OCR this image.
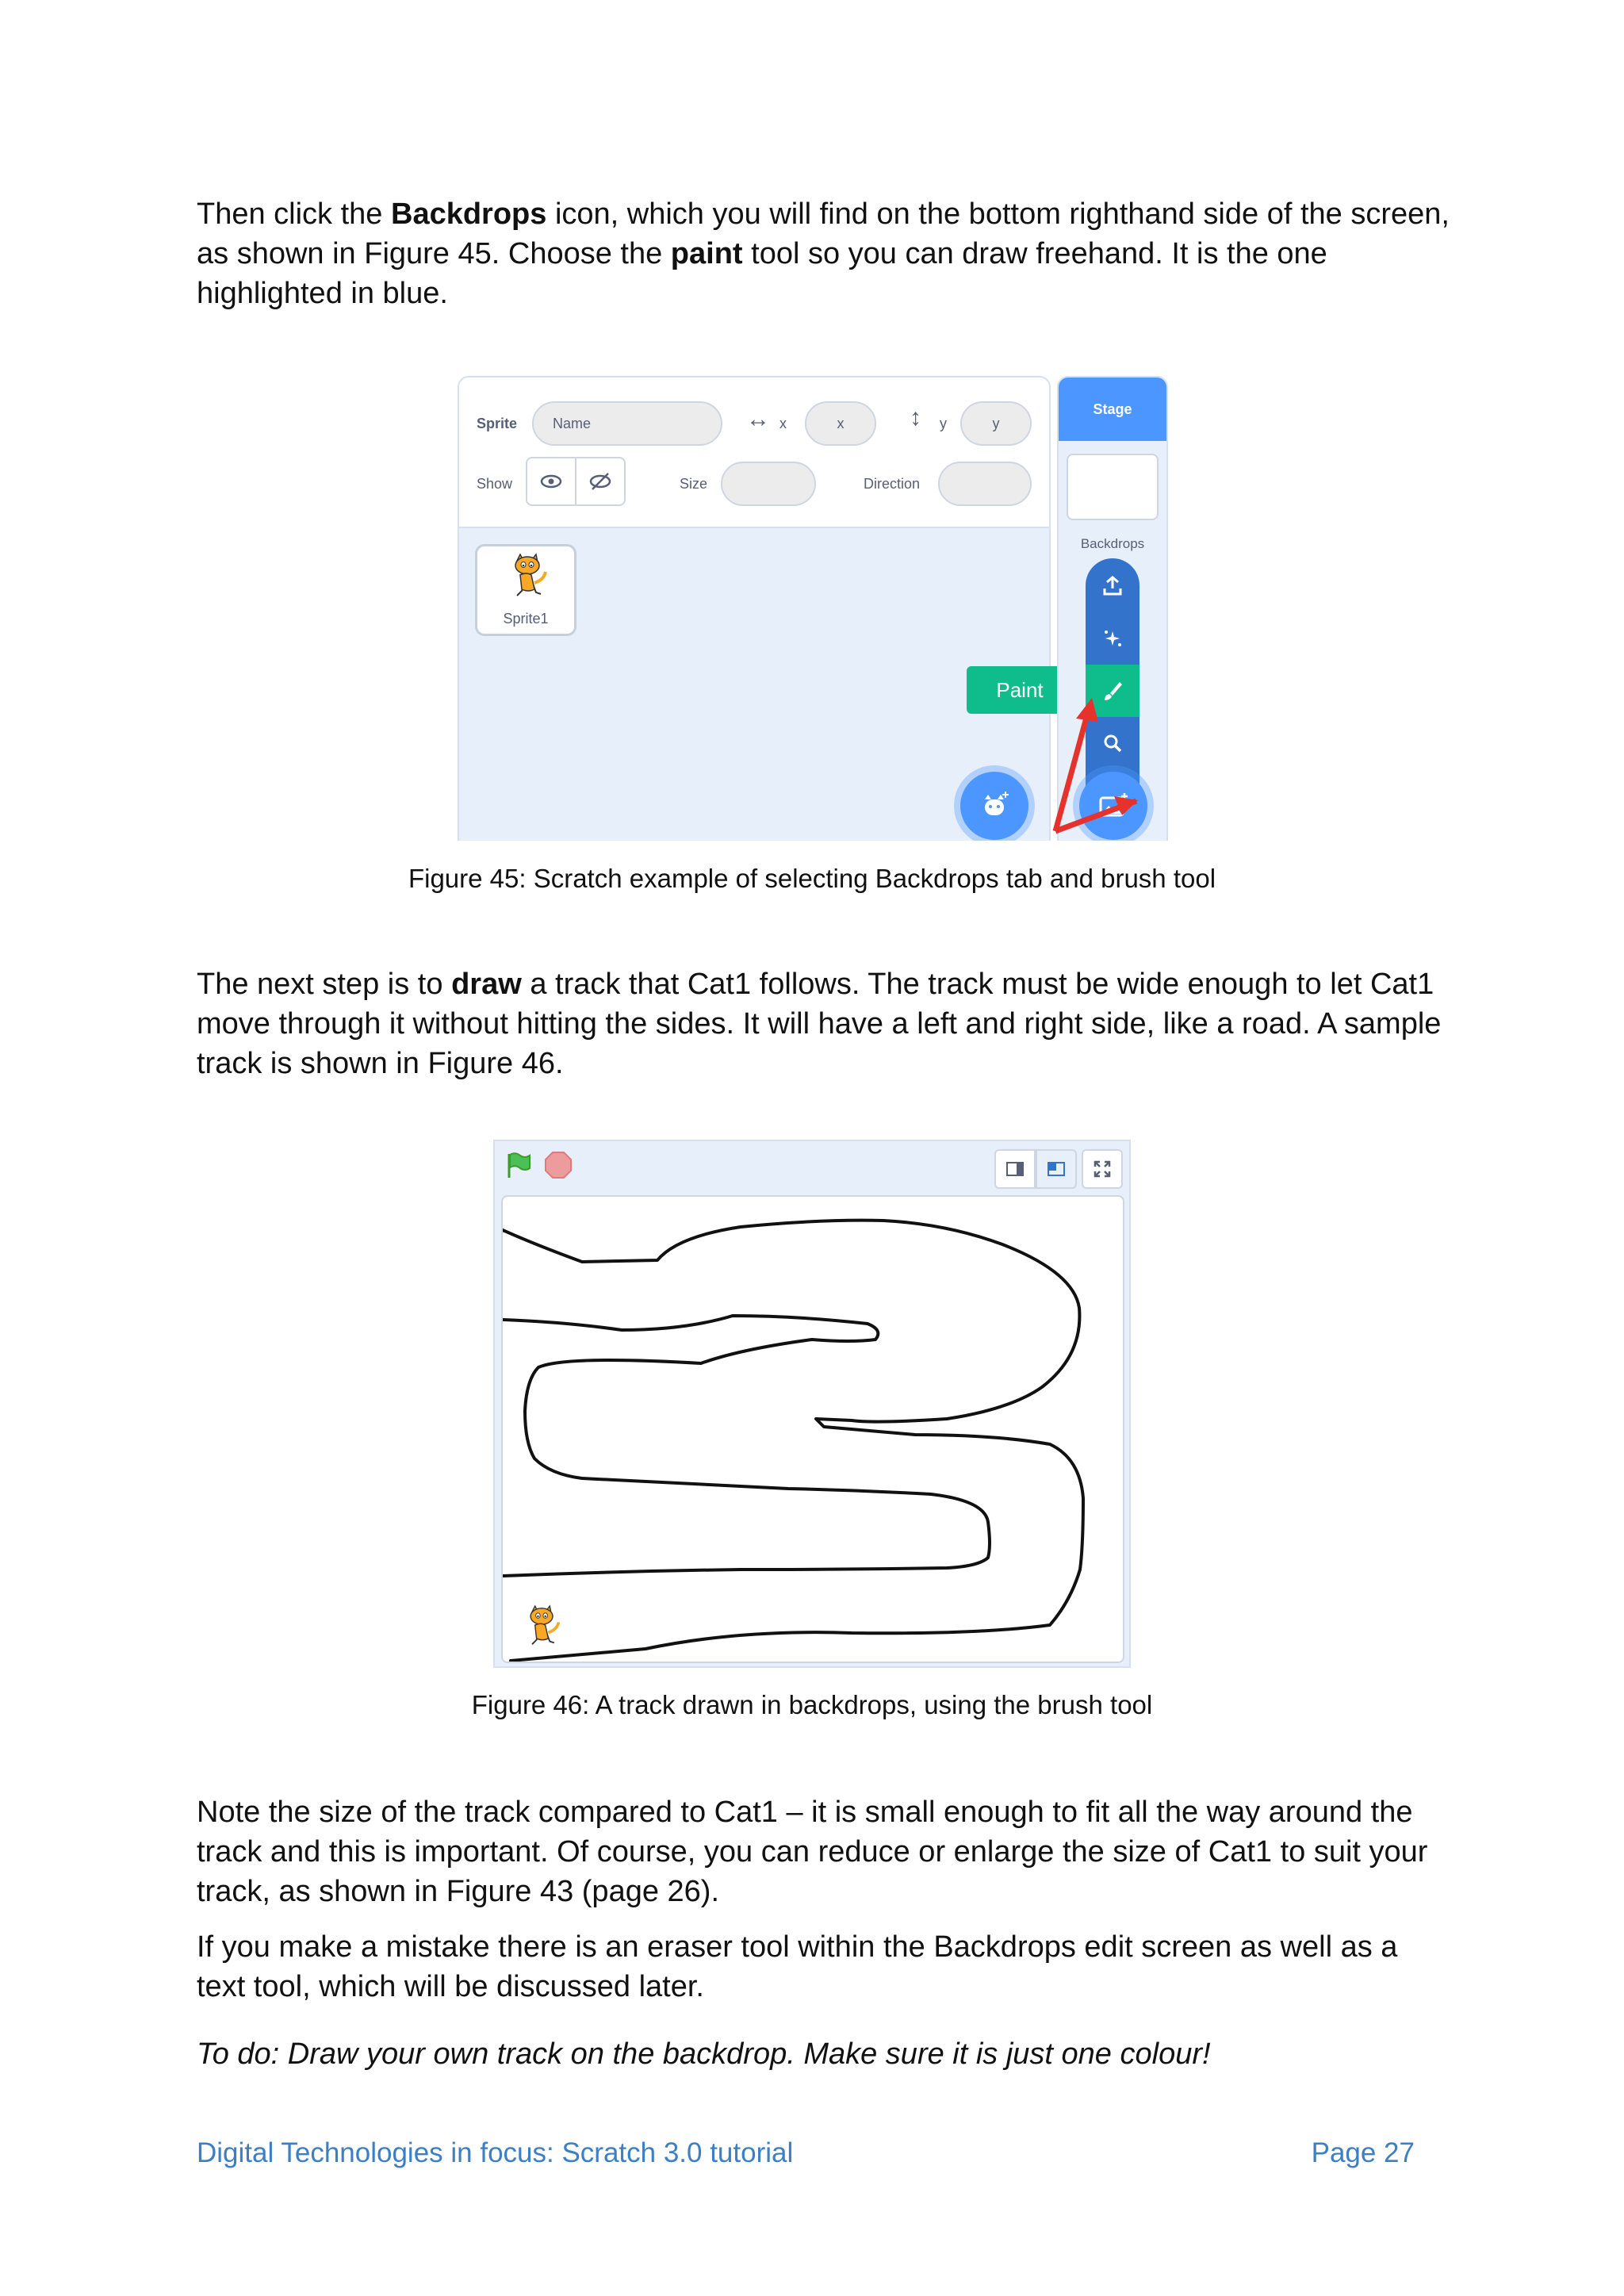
Then click the Backdrops icon, which you will find on the bottom righthand side of the screen, as shown in Figure 45. Choose the paint tool so you can draw freehand. It is the one highlighted in blue.

Sprite	Name	↔ x	x	↕ y	y
Show	Size	Direction
Sprite1
Paint
Stage
Backdrops

Figure 45: Scratch example of selecting Backdrops tab and brush tool

The next step is to draw a track that Cat1 follows. The track must be wide enough to let Cat1 move through it without hitting the sides. It will have a left and right side, like a road. A sample track is shown in Figure 46.

Figure 46: A track drawn in backdrops, using the brush tool

Note the size of the track compared to Cat1 – it is small enough to fit all the way around the track and this is important. Of course, you can reduce or enlarge the size of Cat1 to suit your track, as shown in Figure 43 (page 26).

If you make a mistake there is an eraser tool within the Backdrops edit screen as well as a text tool, which will be discussed later.

To do: Draw your own track on the backdrop. Make sure it is just one colour!

Digital Technologies in focus: Scratch 3.0 tutorial	Page 27
